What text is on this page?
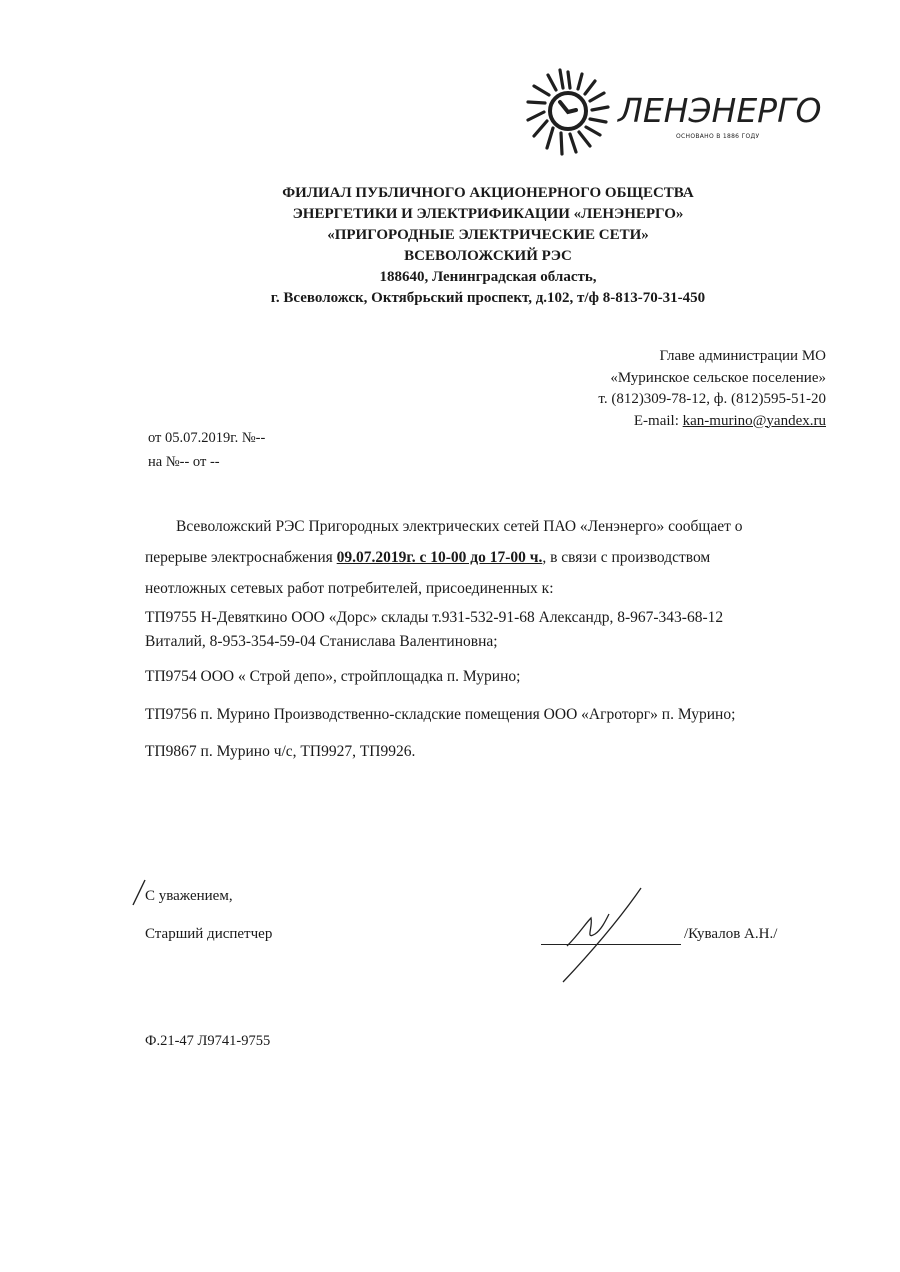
ЛЕНЭНЕРГО
ОСНОВАНО В 1886 ГОДУ
ФИЛИАЛ ПУБЛИЧНОГО АКЦИОНЕРНОГО ОБЩЕСТВА
ЭНЕРГЕТИКИ И ЭЛЕКТРИФИКАЦИИ «ЛЕНЭНЕРГО»
«ПРИГОРОДНЫЕ ЭЛЕКТРИЧЕСКИЕ СЕТИ»
ВСЕВОЛОЖСКИЙ РЭС
188640, Ленинградская область,
г. Всеволожск, Октябрьский проспект, д.102, т/ф 8-813-70-31-450
Главе администрации МО
«Муринское сельское поселение»
т. (812)309-78-12, ф. (812)595-51-20
E-mail: kan-murino@yandex.ru
от 05.07.2019г. №--
на №-- от --
Всеволожский РЭС Пригородных электрических сетей ПАО «Ленэнерго» сообщает о
перерыве электроснабжения 09.07.2019г. с 10-00 до 17-00 ч., в связи с производством
неотложных сетевых работ потребителей, присоединенных к:
ТП9755 Н-Девяткино ООО «Дорс» склады т.931-532-91-68 Александр, 8-967-343-68-12
Виталий, 8-953-354-59-04 Станислава Валентиновна;
ТП9754 ООО « Строй депо», стройплощадка п. Мурино;
ТП9756 п. Мурино Производственно-складские помещения ООО «Агроторг» п. Мурино;
ТП9867 п. Мурино ч/с, ТП9927, ТП9926.
С уважением,
Старший диспетчер	/Кувалов А.Н./
Ф.21-47 Л9741-9755
